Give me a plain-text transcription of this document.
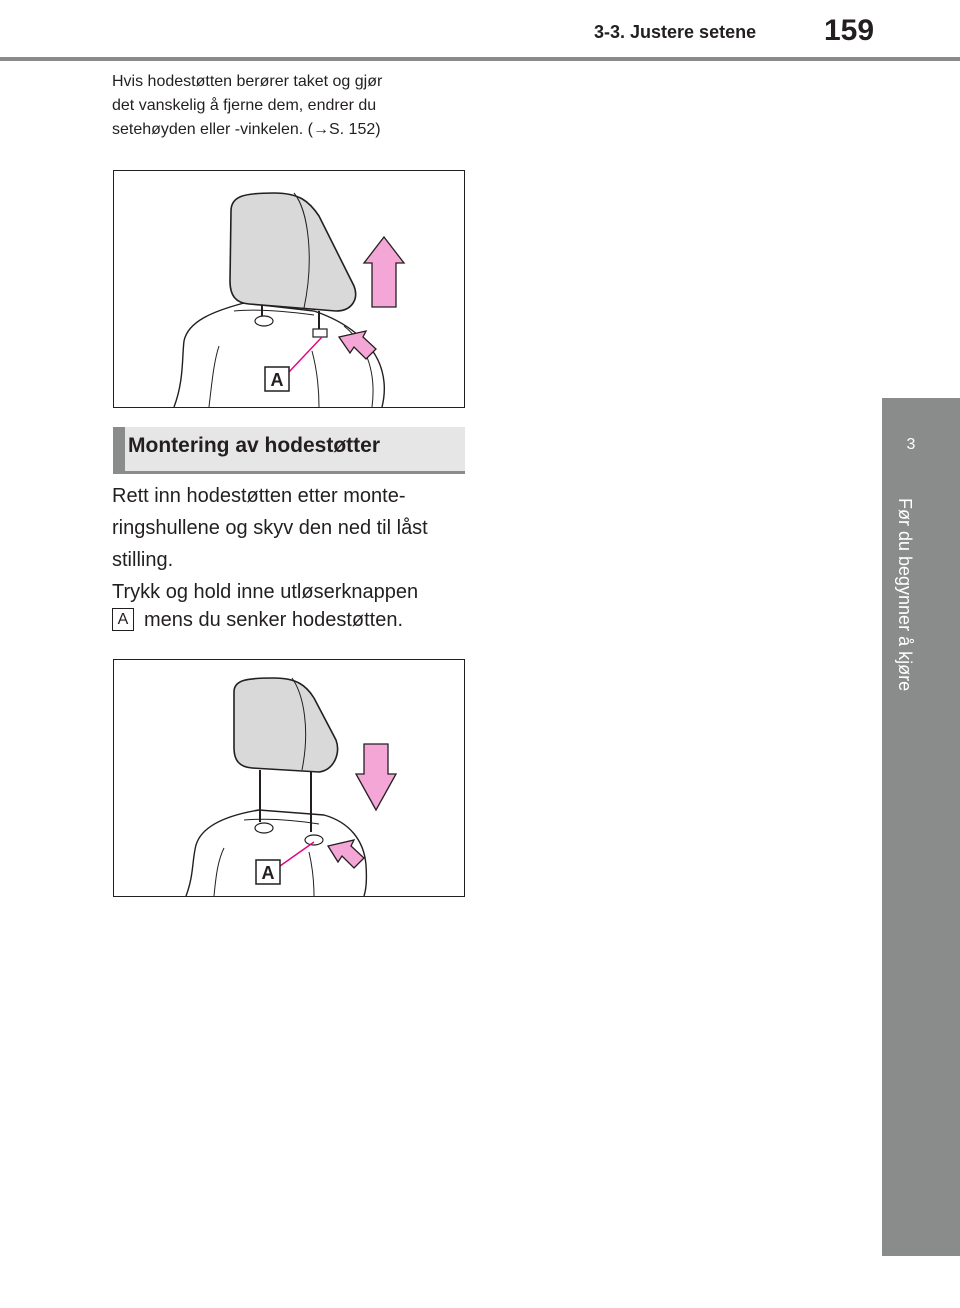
3-3. Justere setene 159
3
Før du begynner å kjøre
Hvis hodestøtten berører taket og gjør
det vanskelig å fjerne dem, endrer du
setehøyden eller -vinkelen. (→S. 152)
A
Montering av hodestøtter

Rett inn hodestøtten etter monte-

ringshullene og skyv den ned til låst

stilling.

Trykk og hold inne utløserknappen

A mens du senker hodestøtten.
A
